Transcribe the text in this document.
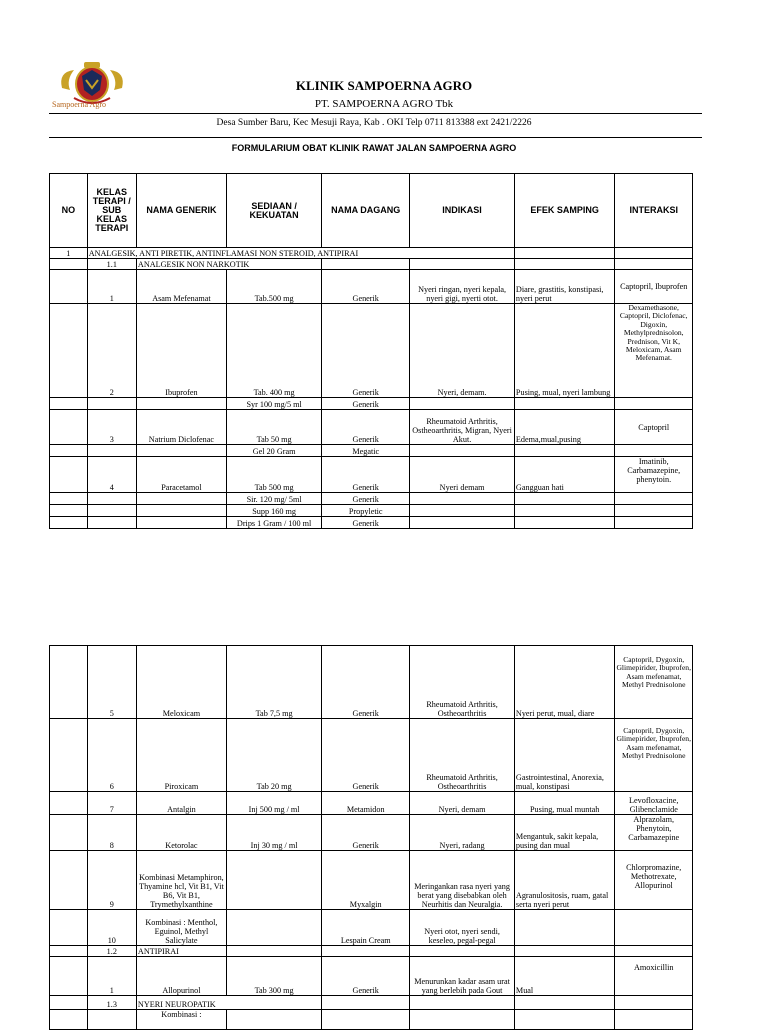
Sampoerna Agro
KLINIK SAMPOERNA AGRO
PT. SAMPOERNA AGRO Tbk
Desa Sumber Baru, Kec Mesuji Raya, Kab . OKI Telp 0711 813388 ext 2421/2226
FORMULARIUM OBAT KLINIK RAWAT JALAN SAMPOERNA AGRO
NO	KELAS TERAPI / SUB KELAS TERAPI	NAMA GENERIK	SEDIAAN / KEKUATAN	NAMA DAGANG	INDIKASI	EFEK SAMPING	INTERAKSI
1	ANALGESIK, ANTI PIRETIK, ANTINFLAMASI NON STEROID, ANTIPIRAI						
	1.1	ANALGESIK NON NARKOTIK					
	1	Asam Mefenamat	Tab.500 mg	Generik	Nyeri ringan, nyeri kepala, nyeri gigi, nyerti otot.	Diare, grastitis, konstipasi, nyeri perut	Captopril, Ibuprofen
	2	Ibuprofen	Tab. 400 mg	Generik	Nyeri, demam.	Pusing, mual, nyeri lambung	Dexamethasone, Captopril, Diclofenac, Digoxin, Methylprednisolon, Prednison, Vit K, Meloxicam, Asam Mefenamat.
			Syr 100 mg/5 ml	Generik			
	3	Natrium Diclofenac	Tab 50 mg	Generik	Rheumatoid Arthritis, Ostheoarthritis, Migran, Nyeri Akut.	Edema,mual,pusing	Captopril
			Gel 20 Gram	Megatic			
	4	Paracetamol	Tab 500 mg	Generik	Nyeri demam	Gangguan hati	Imatinib, Carbamazepine, phenytoin.
			Sir. 120 mg/ 5ml	Generik			
			Supp 160 mg	Propyletic			
			Drips 1 Gram / 100 ml	Generik			
	5	Meloxicam	Tab 7,5 mg	Generik	Rheumatoid Arthritis, Ostheoarthritis	Nyeri perut, mual, diare	Captopril, Dygoxin, Glimepirider, Ibuprofen, Asam mefenamat, Methyl Prednisolone
	6	Piroxicam	Tab 20 mg	Generik	Rheumatoid Arthritis, Ostheoarthritis	Gastrointestinal, Anorexia, mual, konstipasi	Captopril, Dygoxin, Glimepirider, Ibuprofen, Asam mefenamat, Methyl Prednisolone
	7	Antalgin	Inj 500 mg / ml	Metamidon	Nyeri, demam	Pusing, mual muntah	Levofloxacine, Glibenclamide
	8	Ketorolac	Inj 30 mg / ml	Generik	Nyeri, radang	Mengantuk, sakit kepala, pusing dan mual	Alprazolam, Phenytoin, Carbamazepine
	9	Kombinasi Metamphiron, Thyamine hcl, Vit B1, Vit B6, Vit B1, Trymethylxanthine		Myxalgin	Meringankan rasa nyeri yang berat yang disebabkan oleh Neurhitis dan Neuralgia.	Agranulositosis, ruam, gatal serta nyeri perut	Chlorpromazine, Methotrexate, Allopurinol
	10	Kombinasi : Menthol, Eguinol, Methyl Salicylate		Lespain Cream	Nyeri otot, nyeri sendi, keseleo, pegal-pegal		
	1.2	ANTIPIRAI					
	1	Allopurinol	Tab 300 mg	Generik	Menurunkan kadar asam urat yang berlebih pada Gout	Mual	Amoxicillin
	1.3	NYERI NEUROPATIK					
		Kombinasi :					
